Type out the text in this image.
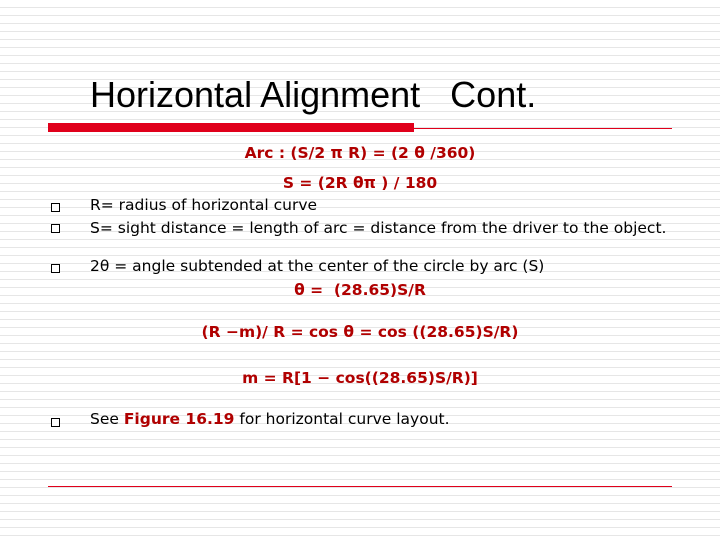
Horizontal Alignment   Cont.
Arc : (S/2 π R) = (2 θ /360)
S = (2R θπ ) / 180
R= radius of horizontal curve
S= sight distance = length of arc = distance from the driver to the object.
2θ = angle subtended at the center of the circle by arc (S)
θ =  (28.65)S/R
(R −m)/ R = cos θ = cos ((28.65)S/R)
m = R[1 − cos((28.65)S/R)]
See Figure 16.19 for horizontal curve layout.
